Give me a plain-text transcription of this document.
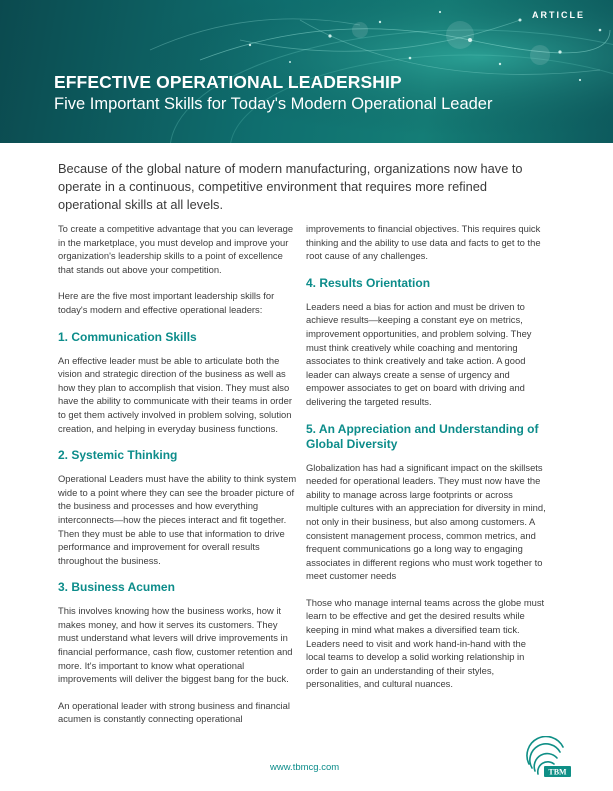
ARTICLE
EFFECTIVE OPERATIONAL LEADERSHIP
Five Important Skills for Today's Modern Operational Leader

Because of the global nature of modern manufacturing, organizations now have to operate in a continuous, competitive environment that requires more refined operational skills at all levels.

To create a competitive advantage that you can leverage in the marketplace, you must develop and improve your organization's leadership skills to a point of excellence that stands out above your competition.

Here are the five most important leadership skills for today's modern and effective operational leaders:

1. Communication Skills

An effective leader must be able to articulate both the vision and strategic direction of the business as well as how they plan to accomplish that vision. They must also have the ability to communicate with their teams in order to get them actively involved in problem solving, solution creation, and helping in everyday business functions.

2. Systemic Thinking

Operational Leaders must have the ability to think system wide to a point where they can see the broader picture of the business and processes and how everything interconnects—how the pieces interact and fit together. Then they must be able to use that information to drive performance and improvement for overall results throughout the business.

3. Business Acumen

This involves knowing how the business works, how it makes money, and how it serves its customers. They must understand what levers will drive improvements in financial performance, cash flow, customer retention and more. It's important to know what operational improvements will deliver the biggest bang for the buck.

An operational leader with strong business and financial acumen is constantly connecting operational

improvements to financial objectives. This requires quick thinking and the ability to use data and facts to get to the root cause of any challenges.

4. Results Orientation

Leaders need a bias for action and must be driven to achieve results—keeping a constant eye on metrics, improvement opportunities, and problem solving. They must think creatively while coaching and mentoring associates to think creatively and take action. A good leader can always create a sense of urgency and empower associates to get on board with driving and delivering the targeted results.

5. An Appreciation and Understanding of Global Diversity

Globalization has had a significant impact on the skillsets needed for operational leaders. They must now have the ability to manage across large footprints or across multiple cultures with an appreciation for diversity in mind, not only in their business, but also among customers. A consistent management process, common metrics, and frequent communications go a long way to engaging associates in different regions who must work together to meet customer needs

Those who manage internal teams across the globe must learn to be effective and get the desired results while keeping in mind what makes a diversified team tick. Leaders need to visit and work hand-in-hand with the local teams to develop a solid working relationship in order to gain an understanding of their styles, personalities, and cultural nuances.

www.tbmcg.com	TBM
